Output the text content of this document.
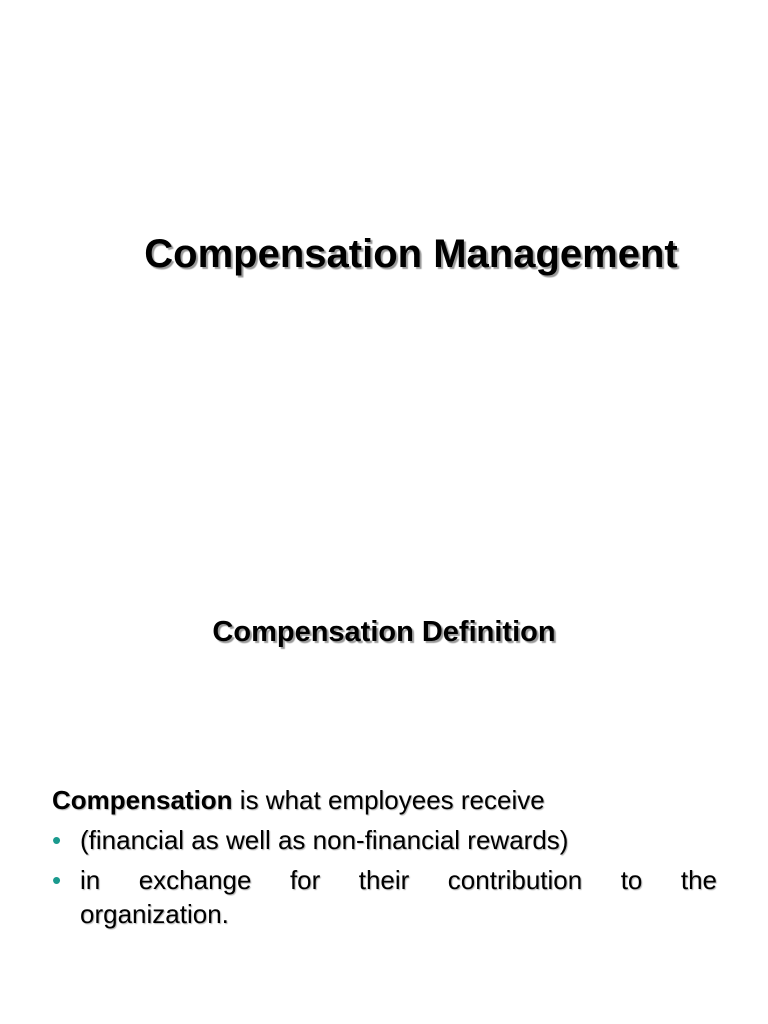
Compensation Management
Compensation Definition

Compensation is what employees receive

• (financial as well as non-financial rewards)
• in exchange for their contribution to the
organization.
